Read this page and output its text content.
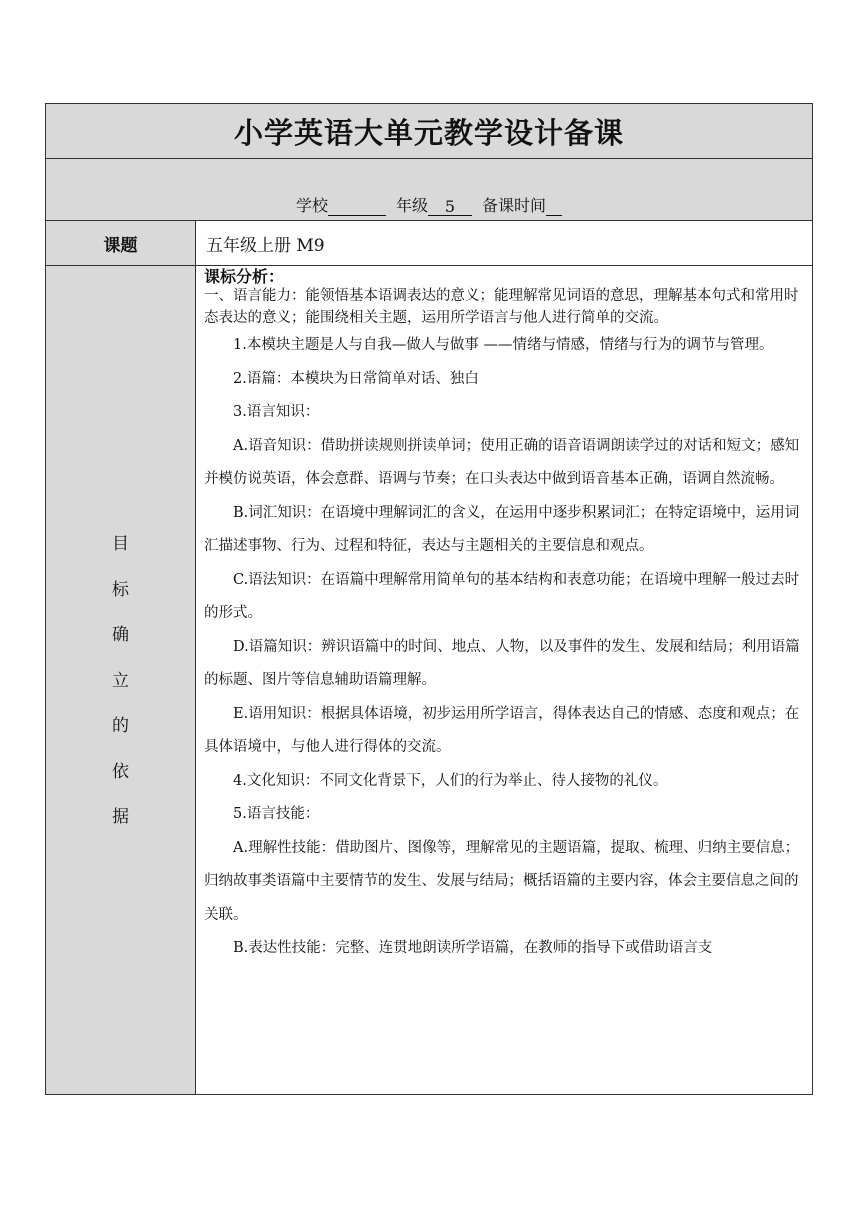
小学英语大单元教学设计备课
学校	年级 5 备课时间
课题	五年级上册 M9
目
标
确
立
的
依
据
课标分析：

一、语言能力：能领悟基本语调表达的意义；能理解常见词语的意思，理解基本句式和常用时态表达的意义；能围绕相关主题，运用所学语言与他人进行简单的交流。

1.本模块主题是人与自我—做人与做事 ——情绪与情感，情绪与行为的调节与管理。

2.语篇：本模块为日常简单对话、独白

3.语言知识：

A.语音知识：借助拼读规则拼读单词；使用正确的语音语调朗读学过的对话和短文；感知并模仿说英语，体会意群、语调与节奏；在口头表达中做到语音基本正确，语调自然流畅。

B.词汇知识：在语境中理解词汇的含义，在运用中逐步积累词汇；在特定语境中，运用词汇描述事物、行为、过程和特征，表达与主题相关的主要信息和观点。

C.语法知识：在语篇中理解常用简单句的基本结构和表意功能；在语境中理解一般过去时的形式。

D.语篇知识：辨识语篇中的时间、地点、人物，以及事件的发生、发展和结局；利用语篇的标题、图片等信息辅助语篇理解。

E.语用知识：根据具体语境，初步运用所学语言，得体表达自己的情感、态度和观点；在具体语境中，与他人进行得体的交流。

4.文化知识：不同文化背景下，人们的行为举止、待人接物的礼仪。

5.语言技能：

A.理解性技能：借助图片、图像等，理解常见的主题语篇，提取、梳理、归纳主要信息；归纳故事类语篇中主要情节的发生、发展与结局；概括语篇的主要内容，体会主要信息之间的关联。

B.表达性技能：完整、连贯地朗读所学语篇，在教师的指导下或借助语言支
